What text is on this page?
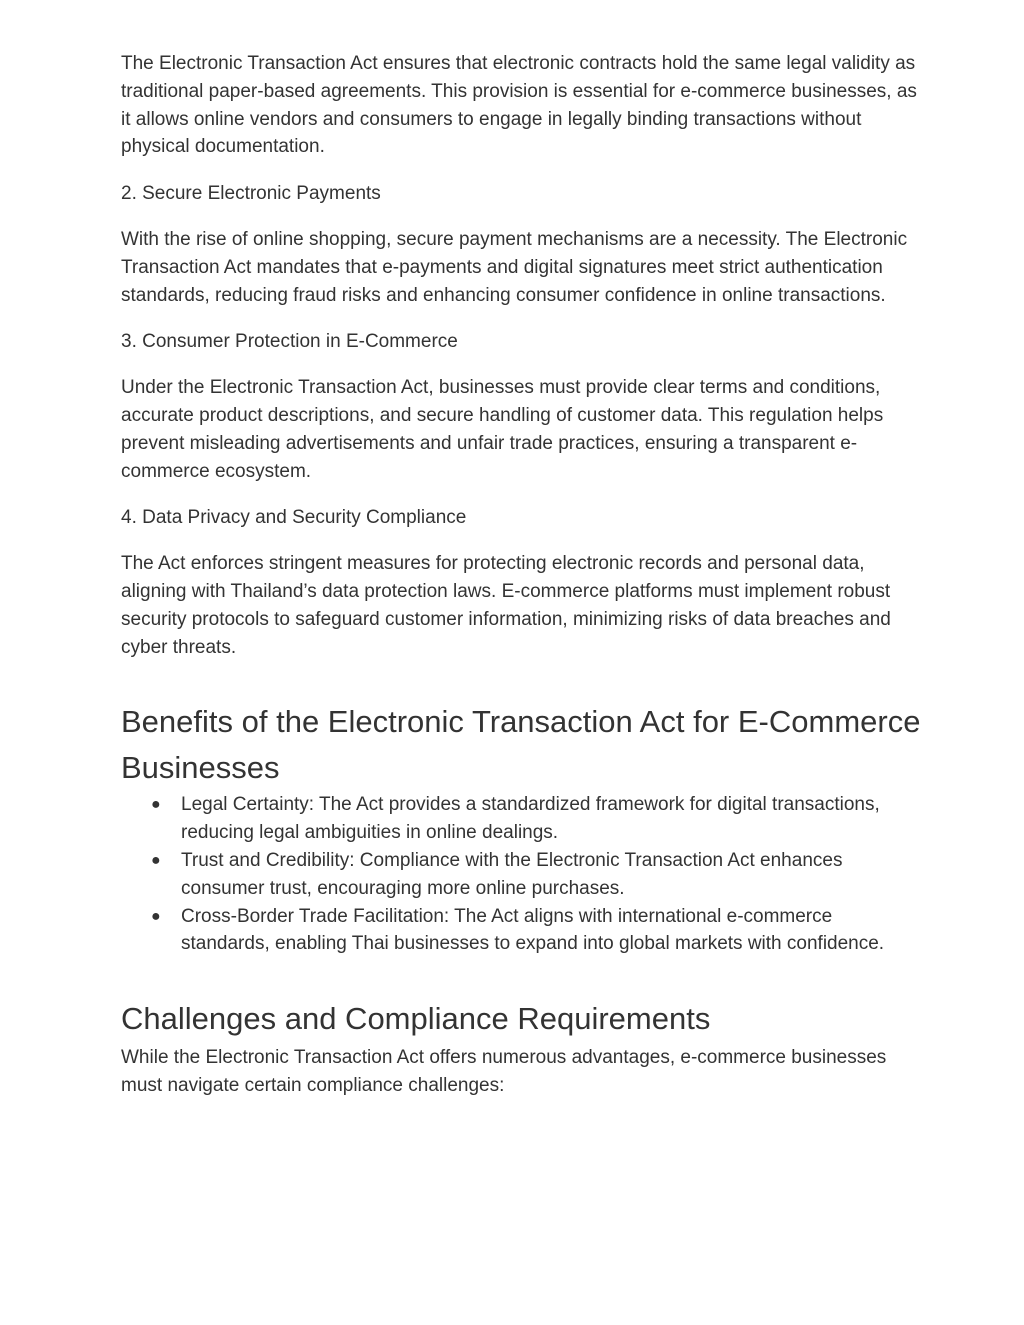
The Electronic Transaction Act ensures that electronic contracts hold the same legal validity as traditional paper-based agreements. This provision is essential for e-commerce businesses, as it allows online vendors and consumers to engage in legally binding transactions without physical documentation.

2. Secure Electronic Payments

With the rise of online shopping, secure payment mechanisms are a necessity. The Electronic Transaction Act mandates that e-payments and digital signatures meet strict authentication standards, reducing fraud risks and enhancing consumer confidence in online transactions.

3. Consumer Protection in E-Commerce

Under the Electronic Transaction Act, businesses must provide clear terms and conditions, accurate product descriptions, and secure handling of customer data. This regulation helps prevent misleading advertisements and unfair trade practices, ensuring a transparent e-commerce ecosystem.

4. Data Privacy and Security Compliance

The Act enforces stringent measures for protecting electronic records and personal data, aligning with Thailand’s data protection laws. E-commerce platforms must implement robust security protocols to safeguard customer information, minimizing risks of data breaches and cyber threats.

Benefits of the Electronic Transaction Act for E-Commerce Businesses
● Legal Certainty: The Act provides a standardized framework for digital transactions, reducing legal ambiguities in online dealings.
● Trust and Credibility: Compliance with the Electronic Transaction Act enhances consumer trust, encouraging more online purchases.
● Cross-Border Trade Facilitation: The Act aligns with international e-commerce standards, enabling Thai businesses to expand into global markets with confidence.
Challenges and Compliance Requirements

While the Electronic Transaction Act offers numerous advantages, e-commerce businesses must navigate certain compliance challenges:
